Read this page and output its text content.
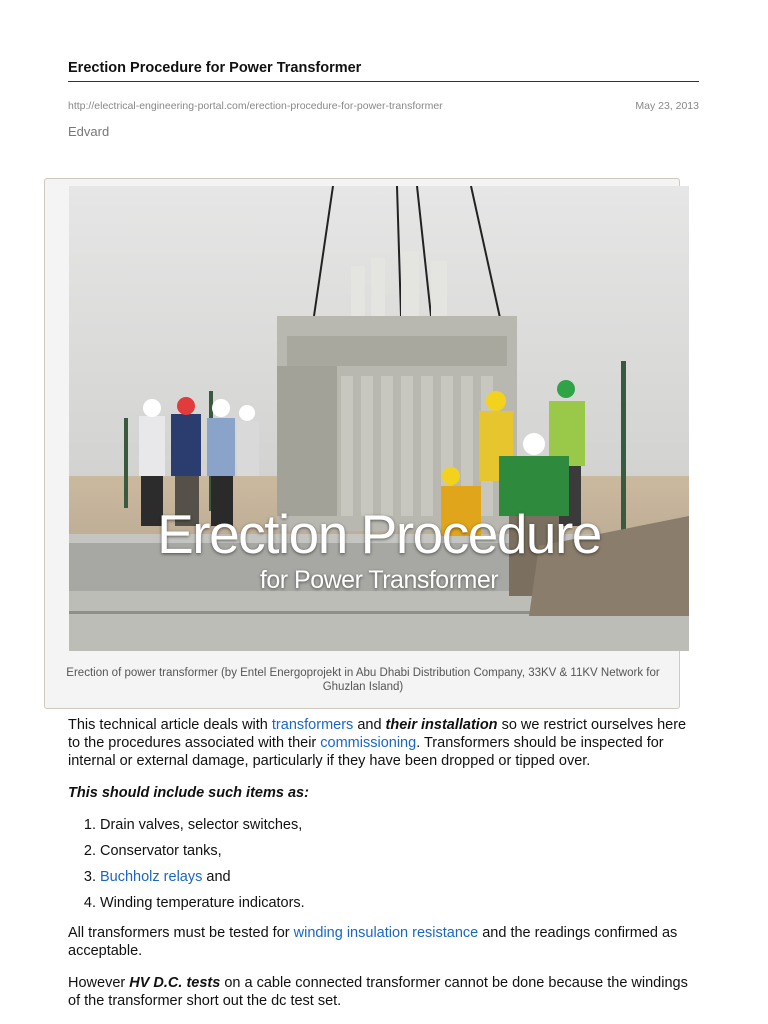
Erection Procedure for Power Transformer
http://electrical-engineering-portal.com/erection-procedure-for-power-transformer	May 23, 2013
Edvard
Erection Procedure
for Power Transformer
Erection of power transformer (by Entel Energoprojekt in Abu Dhabi Distribution Company, 33KV & 11KV Network for Ghuzlan Island)

This technical article deals with transformers and their installation so we restrict ourselves here to the procedures associated with their commissioning. Transformers should be inspected for internal or external damage, particularly if they have been dropped or tipped over.

This should include such items as:
1. Drain valves, selector switches,
2. Conservator tanks,
3. Buchholz relays and
4. Winding temperature indicators.

All transformers must be tested for winding insulation resistance and the readings confirmed as acceptable.

However HV D.C. tests on a cable connected transformer cannot be done because the windings of the transformer short out the dc test set.
